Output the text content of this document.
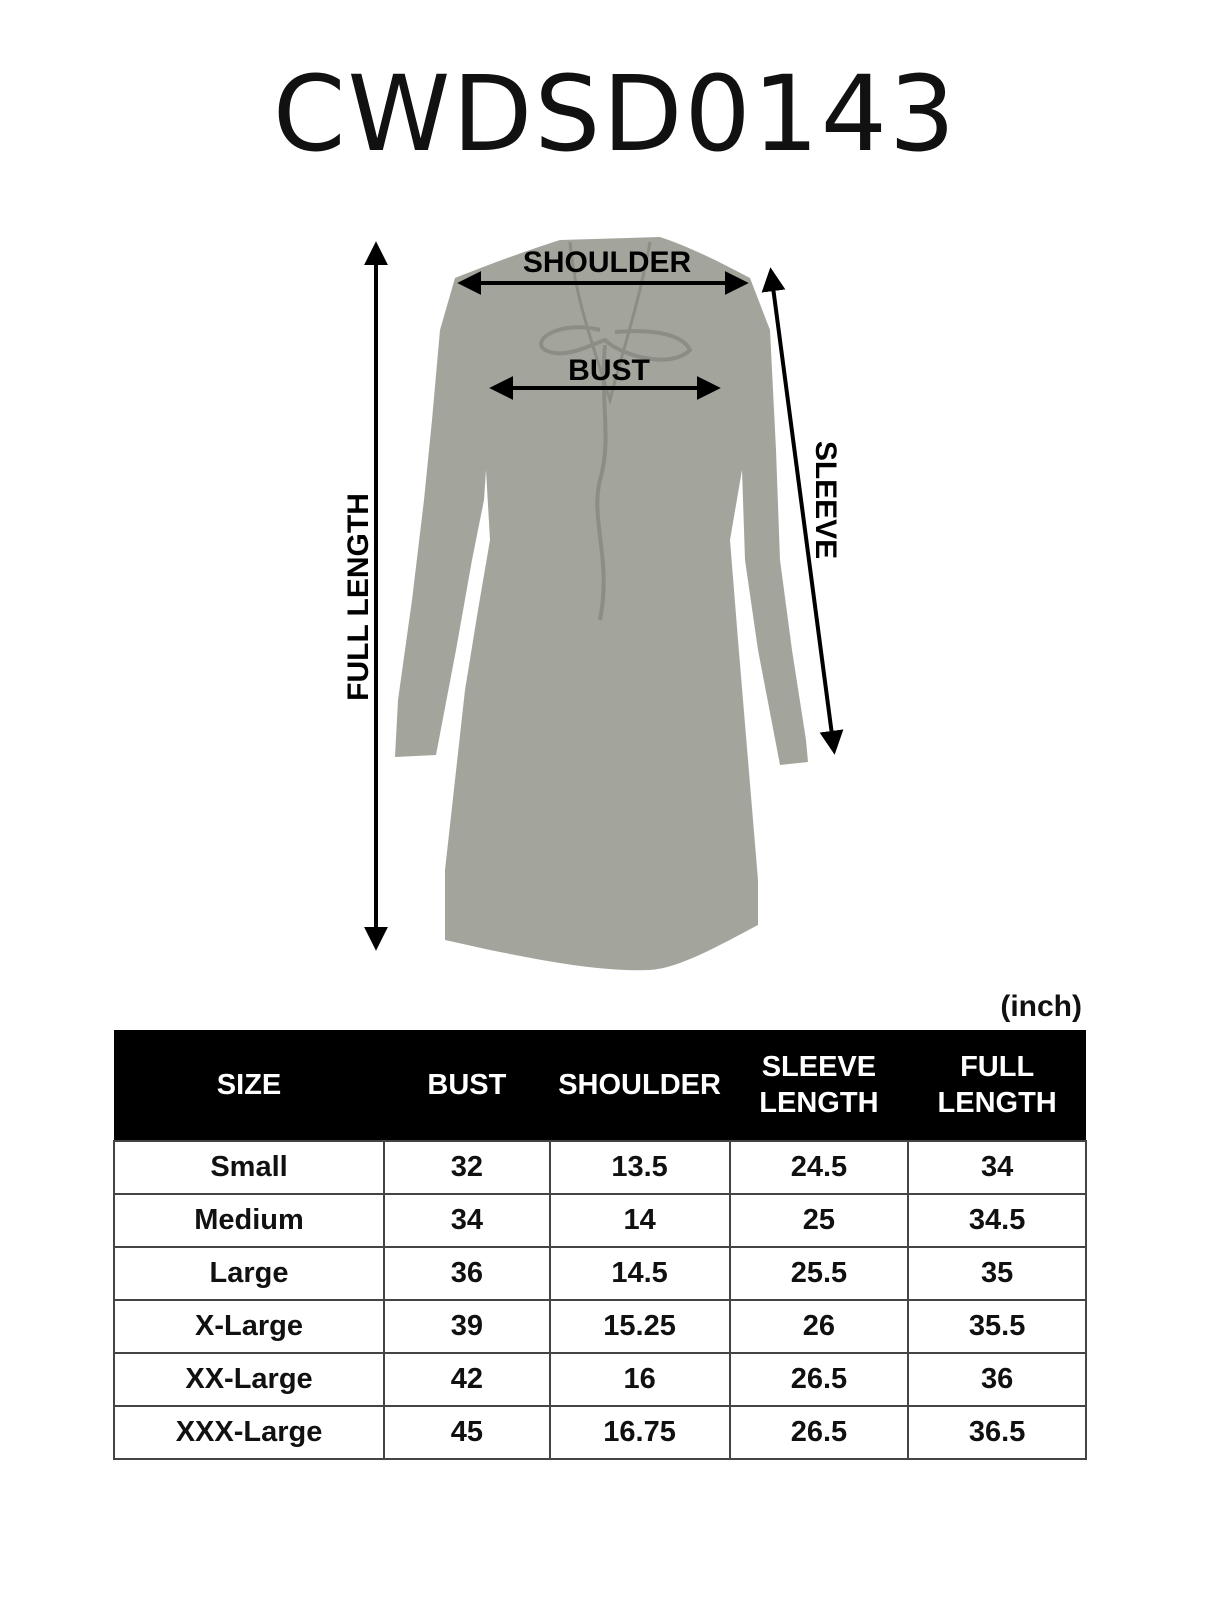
CWDSD0143
SHOULDER
BUST
FULL LENGTH	SLEEVE
(inch)
SIZE	BUST	SHOULDER	SLEEVE LENGTH	FULL LENGTH
Small	32	13.5	24.5	34
Medium	34	14	25	34.5
Large	36	14.5	25.5	35
X-Large	39	15.25	26	35.5
XX-Large	42	16	26.5	36
XXX-Large	45	16.75	26.5	36.5
